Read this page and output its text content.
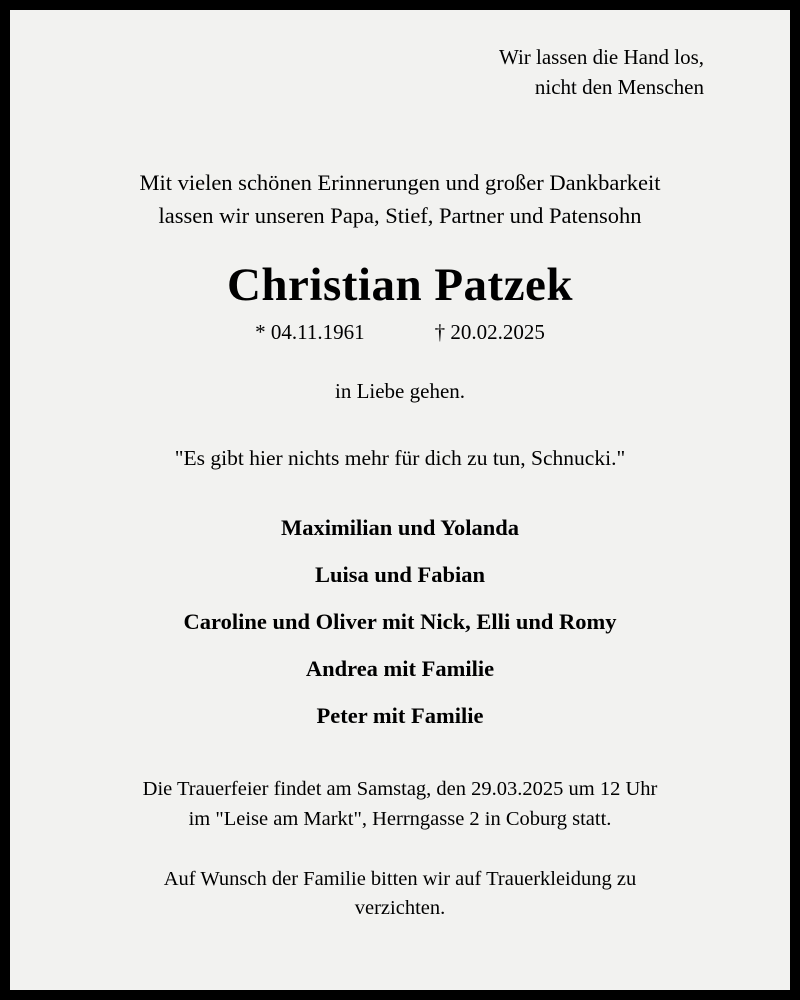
Wir lassen die Hand los,
nicht den Menschen
Mit vielen schönen Erinnerungen und großer Dankbarkeit
lassen wir unseren Papa, Stief, Partner und Patensohn
Christian Patzek
* 04.11.1961	† 20.02.2025
in Liebe gehen.
"Es gibt hier nichts mehr für dich zu tun, Schnucki."
Maximilian und Yolanda
Luisa und Fabian
Caroline und Oliver mit Nick, Elli und Romy
Andrea mit Familie
Peter mit Familie
Die Trauerfeier findet am Samstag, den 29.03.2025 um 12 Uhr
im "Leise am Markt", Herrngasse 2 in Coburg statt.
Auf Wunsch der Familie bitten wir auf Trauerkleidung zu
verzichten.
